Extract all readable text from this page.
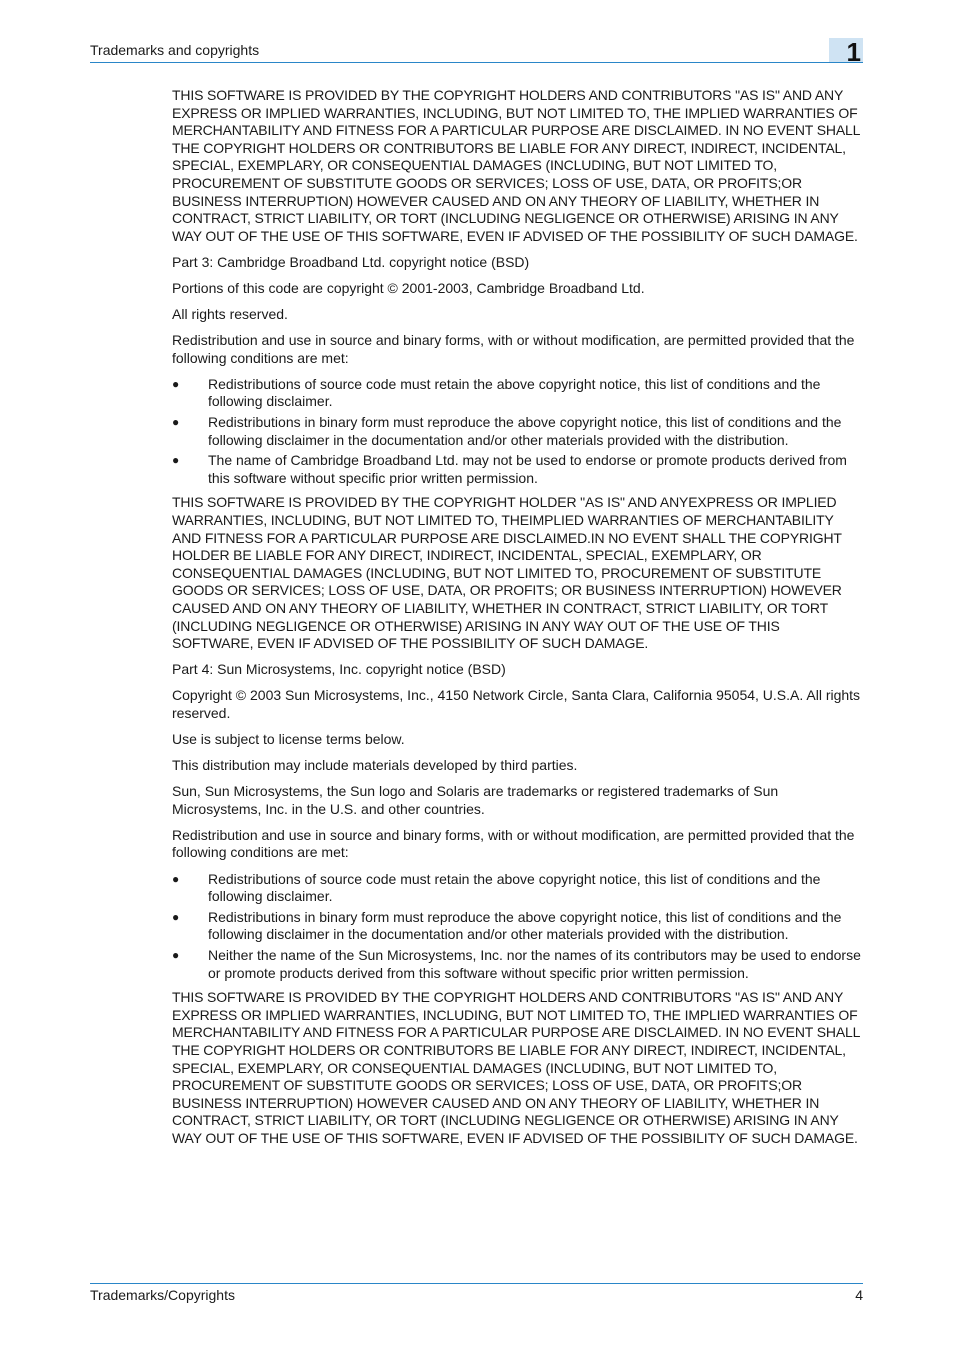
Trademarks and copyrights	1

THIS SOFTWARE IS PROVIDED BY THE COPYRIGHT HOLDERS AND CONTRIBUTORS "AS IS" AND ANY EXPRESS OR IMPLIED WARRANTIES, INCLUDING, BUT NOT LIMITED TO, THE IMPLIED WARRANTIES OF MERCHANTABILITY AND FITNESS FOR A PARTICULAR PURPOSE ARE DISCLAIMED. IN NO EVENT SHALL THE COPYRIGHT HOLDERS OR CONTRIBUTORS BE LIABLE FOR ANY DIRECT, INDIRECT, INCIDENTAL, SPECIAL, EXEMPLARY, OR CONSEQUENTIAL DAMAGES (INCLUDING, BUT NOT LIMITED TO, PROCUREMENT OF SUBSTITUTE GOODS OR SERVICES; LOSS OF USE, DATA, OR PROFITS;OR BUSINESS INTERRUPTION) HOWEVER CAUSED AND ON ANY THEORY OF LIABILITY, WHETHER IN CONTRACT, STRICT LIABILITY, OR TORT (INCLUDING NEGLIGENCE OR OTHERWISE) ARISING IN ANY WAY OUT OF THE USE OF THIS SOFTWARE, EVEN IF ADVISED OF THE POSSIBILITY OF SUCH DAMAGE.

Part 3: Cambridge Broadband Ltd. copyright notice (BSD)

Portions of this code are copyright © 2001-2003, Cambridge Broadband Ltd.

All rights reserved.

Redistribution and use in source and binary forms, with or without modification, are permitted provided that the following conditions are met:

● Redistributions of source code must retain the above copyright notice, this list of conditions and the following disclaimer.
● Redistributions in binary form must reproduce the above copyright notice, this list of conditions and the following disclaimer in the documentation and/or other materials provided with the distribution.
● The name of Cambridge Broadband Ltd. may not be used to endorse or promote products derived from this software without specific prior written permission.

THIS SOFTWARE IS PROVIDED BY THE COPYRIGHT HOLDER "AS IS" AND ANYEXPRESS OR IMPLIED WARRANTIES, INCLUDING, BUT NOT LIMITED TO, THEIMPLIED WARRANTIES OF MERCHANTABILITY AND FITNESS FOR A PARTICULAR PURPOSE ARE DISCLAIMED.IN NO EVENT SHALL THE COPYRIGHT HOLDER BE LIABLE FOR ANY DIRECT, INDIRECT, INCIDENTAL, SPECIAL, EXEMPLARY, OR CONSEQUENTIAL DAMAGES (INCLUDING, BUT NOT LIMITED TO, PROCUREMENT OF SUBSTITUTE GOODS OR SERVICES; LOSS OF USE, DATA, OR PROFITS; OR BUSINESS INTERRUPTION) HOWEVER CAUSED AND ON ANY THEORY OF LIABILITY, WHETHER IN CONTRACT, STRICT LIABILITY, OR TORT (INCLUDING NEGLIGENCE OR OTHERWISE) ARISING IN ANY WAY OUT OF THE USE OF THIS SOFTWARE, EVEN IF ADVISED OF THE POSSIBILITY OF SUCH DAMAGE.

Part 4: Sun Microsystems, Inc. copyright notice (BSD)

Copyright © 2003 Sun Microsystems, Inc., 4150 Network Circle, Santa Clara, California 95054, U.S.A. All rights reserved.

Use is subject to license terms below.

This distribution may include materials developed by third parties.

Sun, Sun Microsystems, the Sun logo and Solaris are trademarks or registered trademarks of Sun Microsystems, Inc. in the U.S. and other countries.

Redistribution and use in source and binary forms, with or without modification, are permitted provided that the following conditions are met:

● Redistributions of source code must retain the above copyright notice, this list of conditions and the following disclaimer.
● Redistributions in binary form must reproduce the above copyright notice, this list of conditions and the following disclaimer in the documentation and/or other materials provided with the distribution.
● Neither the name of the Sun Microsystems, Inc. nor the names of its contributors may be used to endorse or promote products derived from this software without specific prior written permission.

THIS SOFTWARE IS PROVIDED BY THE COPYRIGHT HOLDERS AND CONTRIBUTORS "AS IS" AND ANY EXPRESS OR IMPLIED WARRANTIES, INCLUDING, BUT NOT LIMITED TO, THE IMPLIED WARRANTIES OF MERCHANTABILITY AND FITNESS FOR A PARTICULAR PURPOSE ARE DISCLAIMED. IN NO EVENT SHALL THE COPYRIGHT HOLDERS OR CONTRIBUTORS BE LIABLE FOR ANY DIRECT, INDIRECT, INCIDENTAL, SPECIAL, EXEMPLARY, OR CONSEQUENTIAL DAMAGES (INCLUDING, BUT NOT LIMITED TO, PROCUREMENT OF SUBSTITUTE GOODS OR SERVICES; LOSS OF USE, DATA, OR PROFITS;OR BUSINESS INTERRUPTION) HOWEVER CAUSED AND ON ANY THEORY OF LIABILITY, WHETHER IN CONTRACT, STRICT LIABILITY, OR TORT (INCLUDING NEGLIGENCE OR OTHERWISE) ARISING IN ANY WAY OUT OF THE USE OF THIS SOFTWARE, EVEN IF ADVISED OF THE POSSIBILITY OF SUCH DAMAGE.

Trademarks/Copyrights	4
